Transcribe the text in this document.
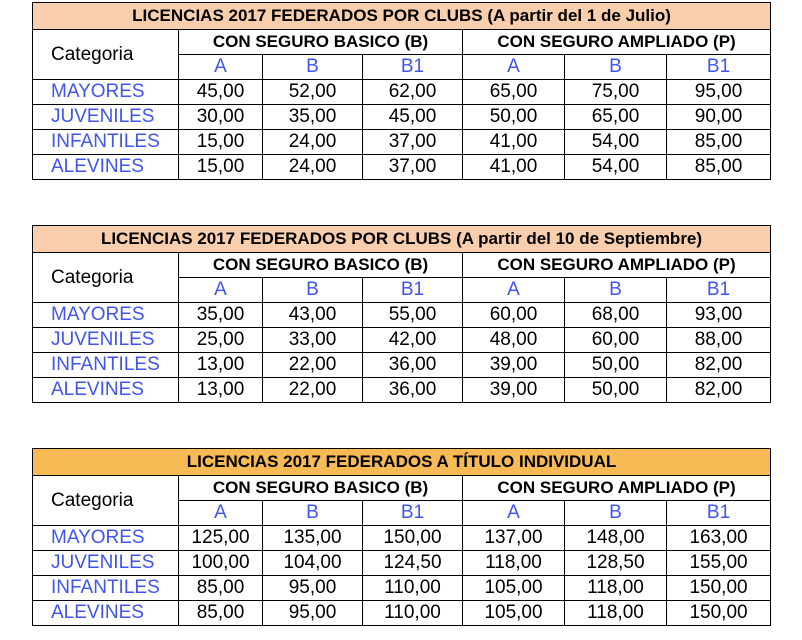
LICENCIAS 2017 FEDERADOS POR CLUBS (A partir del 1 de Julio)						
Categoria	CON SEGURO BASICO (B)			CON SEGURO AMPLIADO (P)		
	A	B	B1	A	B	B1
MAYORES	45,00	52,00	62,00	65,00	75,00	95,00
JUVENILES	30,00	35,00	45,00	50,00	65,00	90,00
INFANTILES	15,00	24,00	37,00	41,00	54,00	85,00
ALEVINES	15,00	24,00	37,00	41,00	54,00	85,00
LICENCIAS 2017 FEDERADOS POR CLUBS (A partir del 10 de Septiembre)						
Categoria	CON SEGURO BASICO (B)			CON SEGURO AMPLIADO (P)		
	A	B	B1	A	B	B1
MAYORES	35,00	43,00	55,00	60,00	68,00	93,00
JUVENILES	25,00	33,00	42,00	48,00	60,00	88,00
INFANTILES	13,00	22,00	36,00	39,00	50,00	82,00
ALEVINES	13,00	22,00	36,00	39,00	50,00	82,00
LICENCIAS 2017 FEDERADOS A TÍTULO INDIVIDUAL						
Categoria	CON SEGURO BASICO (B)			CON SEGURO AMPLIADO (P)		
	A	B	B1	A	B	B1
MAYORES	125,00	135,00	150,00	137,00	148,00	163,00
JUVENILES	100,00	104,00	124,50	118,00	128,50	155,00
INFANTILES	85,00	95,00	110,00	105,00	118,00	150,00
ALEVINES	85,00	95,00	110,00	105,00	118,00	150,00
